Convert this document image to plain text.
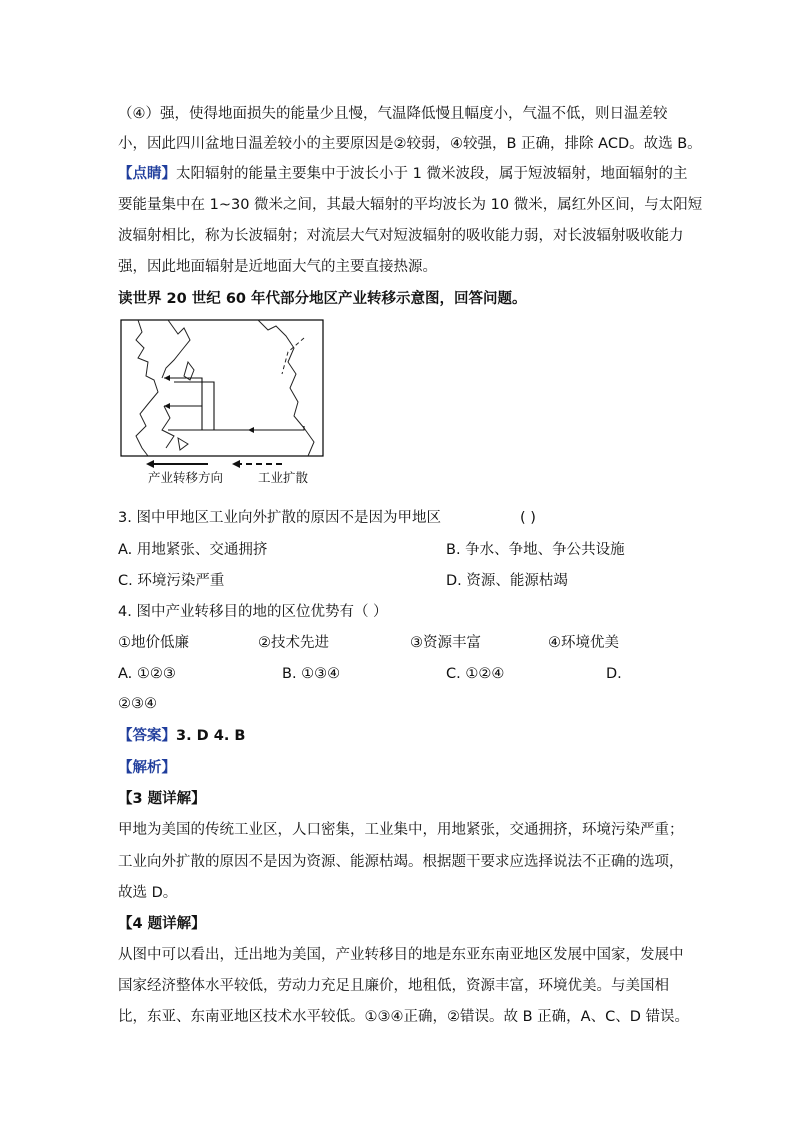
（④）强，使得地面损失的能量少且慢，气温降低慢且幅度小，气温不低，则日温差较
小，因此四川盆地日温差较小的主要原因是②较弱，④较强，B 正确，排除 ACD。故选 B。
【点睛】太阳辐射的能量主要集中于波长小于 1 微米波段，属于短波辐射，地面辐射的主
要能量集中在 1~30 微米之间，其最大辐射的平均波长为 10 微米，属红外区间，与太阳短
波辐射相比，称为长波辐射；对流层大气对短波辐射的吸收能力弱，对长波辐射吸收能力
强，因此地面辐射是近地面大气的主要直接热源。
读世界 20 世纪 60 年代部分地区产业转移示意图，回答问题。
产业转移方向	工业扩散
3. 图中甲地区工业向外扩散的原因不是因为甲地区	( )
A. 用地紧张、交通拥挤	B. 争水、争地、争公共设施
C. 环境污染严重	D. 资源、能源枯竭
4. 图中产业转移目的地的区位优势有（ ）
①地价低廉	②技术先进	③资源丰富	④环境优美
A. ①②③	B. ①③④	C. ①②④	D.
②③④
【答案】3. D 4. B
【解析】
【3 题详解】
甲地为美国的传统工业区，人口密集，工业集中，用地紧张，交通拥挤，环境污染严重；
工业向外扩散的原因不是因为资源、能源枯竭。根据题干要求应选择说法不正确的选项，
故选 D。
【4 题详解】
从图中可以看出，迁出地为美国，产业转移目的地是东亚东南亚地区发展中国家，发展中
国家经济整体水平较低，劳动力充足且廉价，地租低，资源丰富，环境优美。与美国相
比，东亚、东南亚地区技术水平较低。①③④正确，②错误。故 B 正确，A、C、D 错误。
